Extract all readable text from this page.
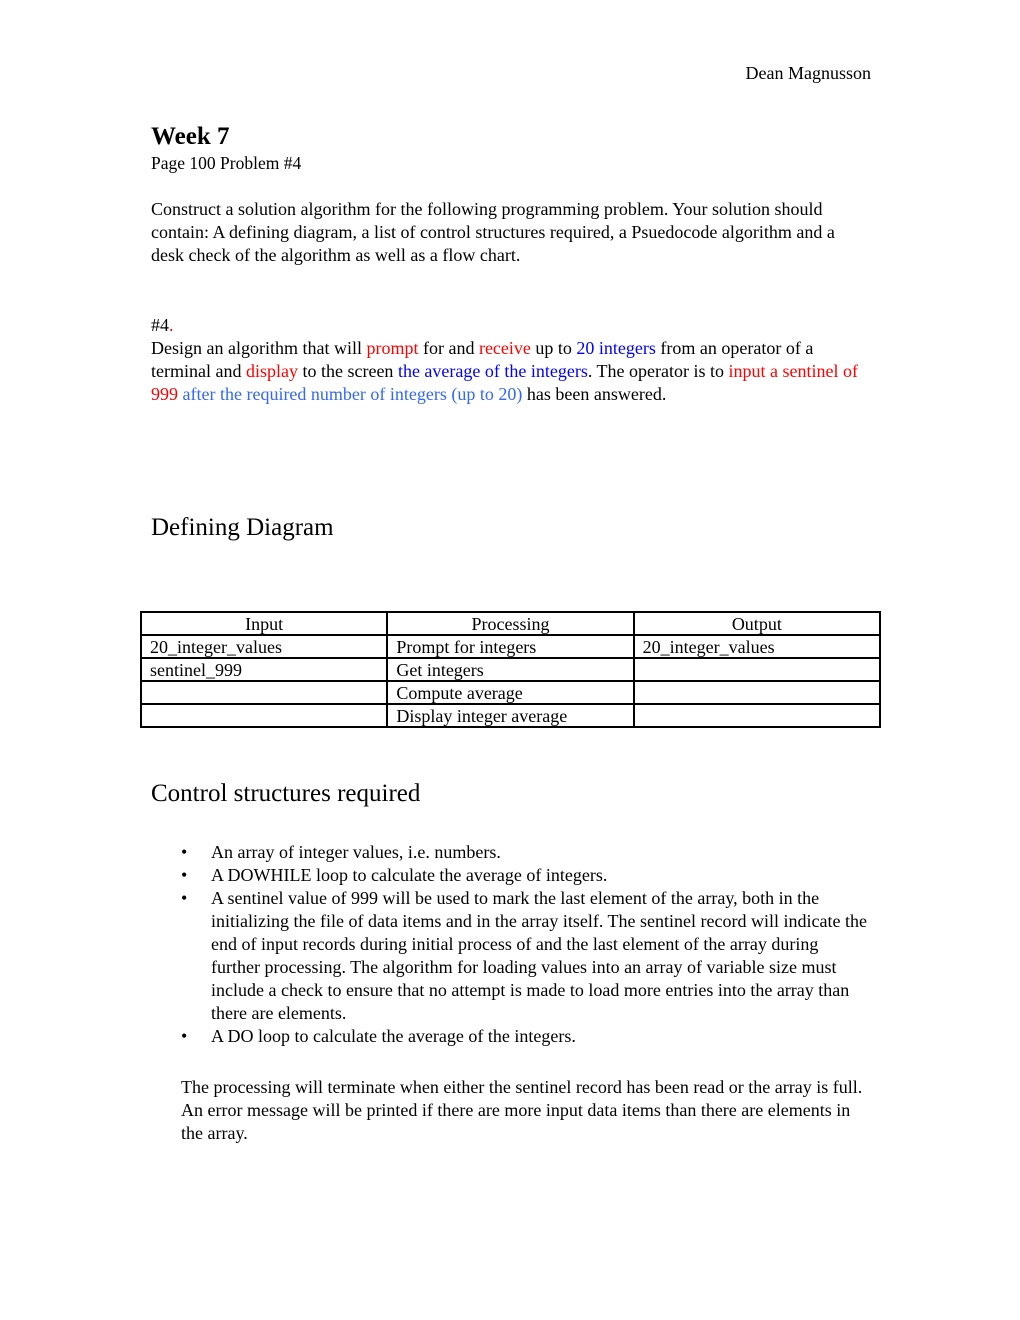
Dean Magnusson
Week 7
Page 100 Problem #4
Construct a solution algorithm for the following programming problem. Your solution should contain: A defining diagram, a list of control structures required, a Psuedocode algorithm and a desk check of the algorithm as well as a flow chart.
#4.
Design an algorithm that will prompt for and receive up to 20 integers from an operator of a terminal and display to the screen the average of the integers. The operator is to input a sentinel of 999 after the required number of integers (up to 20) has been answered.
Defining Diagram
Input	Processing	Output
20_integer_values	Prompt for integers	20_integer_values
sentinel_999	Get integers	
	Compute average	
	Display integer average	
Control structures required
•	An array of integer values, i.e. numbers.
•	A DOWHILE loop to calculate the average of integers.
•	A sentinel value of 999 will be used to mark the last element of the array, both in the initializing the file of data items and in the array itself. The sentinel record will indicate the end of input records during initial process of and the last element of the array during further processing. The algorithm for loading values into an array of variable size must include a check to ensure that no attempt is made to load more entries into the array than there are elements.
•	A DO loop to calculate the average of the integers.
The processing will terminate when either the sentinel record has been read or the array is full. An error message will be printed if there are more input data items than there are elements in the array.
